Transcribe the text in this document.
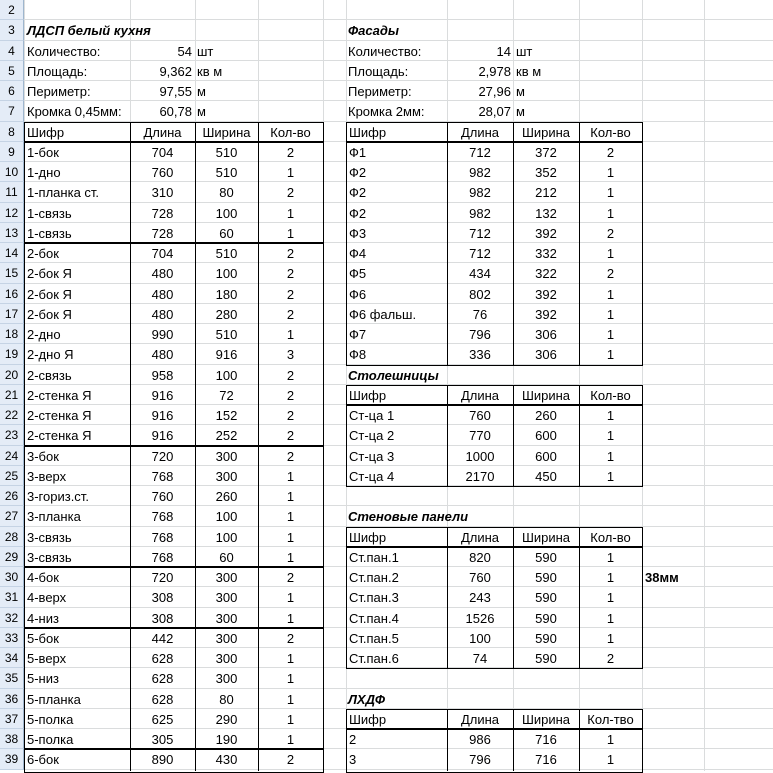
2
3
4
5
6
7
8
9
10
11
12
13
14
15
16
17
18
19
20
21
22
23
24
25
26
27
28
29
30
31
32
33
34
35
36
37
38
39
ЛДСП белый кухня
Количество:	54 шт
Площадь:	9,362 кв м
Периметр:	97,55 м
Кромка 0,45мм:	60,78 м
Фасады
Количество:	14 шт
Площадь:	2,978 кв м
Периметр:	27,96 м
Кромка 2мм:	28,07 м
Шифр	Длина	Ширина	Кол-во
1-бок	704	510	2
1-дно	760	510	1
1-планка ст.	310	80	2
1-связь	728	100	1
1-связь	728	60	1
2-бок	704	510	2
2-бок Я	480	100	2
2-бок Я	480	180	2
2-бок Я	480	280	2
2-дно	990	510	1
2-дно Я	480	916	3
2-связь	958	100	2
2-стенка Я	916	72	2
2-стенка Я	916	152	2
2-стенка Я	916	252	2
3-бок	720	300	2
3-верх	768	300	1
3-гориз.ст.	760	260	1
3-планка	768	100	1
3-связь	768	100	1
3-связь	768	60	1
4-бок	720	300	2
4-верх	308	300	1
4-низ	308	300	1
5-бок	442	300	2
5-верх	628	300	1
5-низ	628	300	1
5-планка	628	80	1
5-полка	625	290	1
5-полка	305	190	1
6-бок	890	430	2
Шифр	Длина	Ширина	Кол-во
Ф1	712	372	2
Ф2	982	352	1
Ф2	982	212	1
Ф2	982	132	1
Ф3	712	392	2
Ф4	712	332	1
Ф5	434	322	2
Ф6	802	392	1
Ф6 фальш.	76	392	1
Ф7	796	306	1
Ф8	336	306	1
Столешницы
Шифр	Длина	Ширина	Кол-во
Ст-ца 1	760	260	1
Ст-ца 2	770	600	1
Ст-ца 3	1000	600	1
Ст-ца 4	2170	450	1
Стеновые панели
Шифр	Длина	Ширина	Кол-во
Ст.пан.1	820	590	1
Ст.пан.2	760	590	1
Ст.пан.3	243	590	1
Ст.пан.4	1526	590	1
Ст.пан.5	100	590	1
Ст.пан.6	74	590	2
38мм
ЛХДФ
Шифр	Длина	Ширина	Кол-тво
2	986	716	1
3	796	716	1
